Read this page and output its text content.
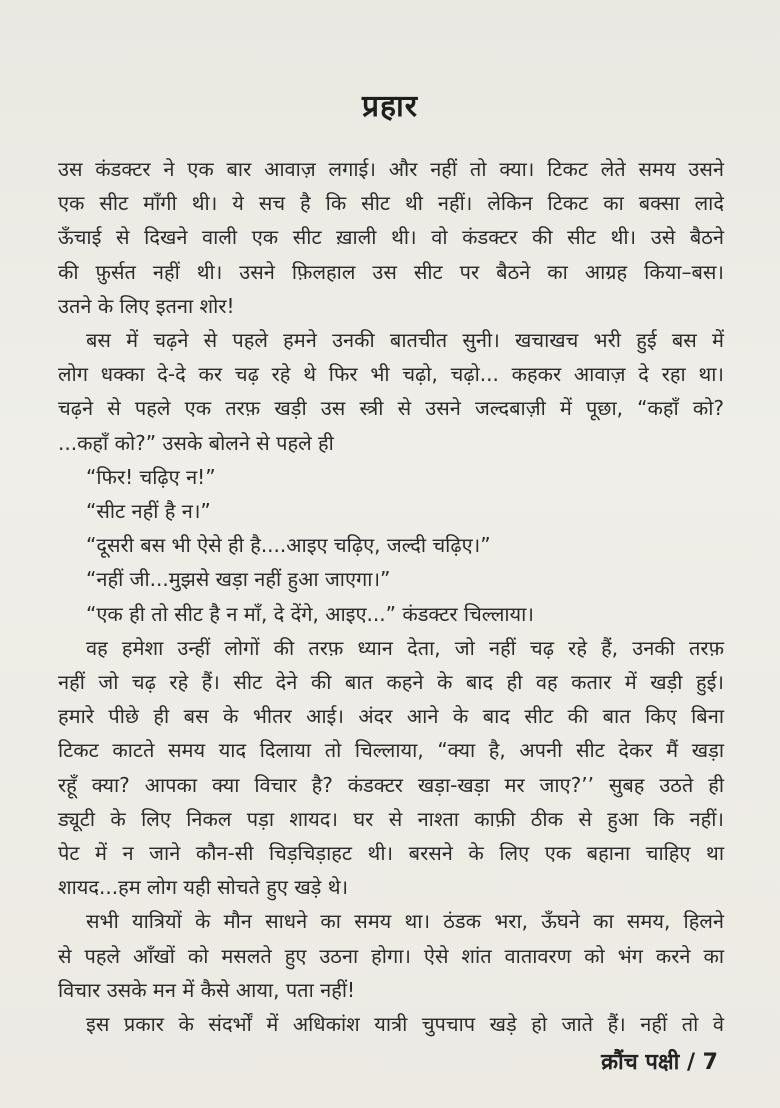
प्रहार

उस कंडक्टर ने एक बार आवाज़ लगाई। और नहीं तो क्या। टिकट लेते समय उसने

एक सीट माँगी थी। ये सच है कि सीट थी नहीं। लेकिन टिकट का बक्सा लादे

ऊँचाई से दिखने वाली एक सीट ख़ाली थी। वो कंडक्टर की सीट थी। उसे बैठने

की फ़ुर्सत नहीं थी। उसने फ़िलहाल उस सीट पर बैठने का आग्रह किया–बस।

उतने के लिए इतना शोर!

बस में चढ़ने से पहले हमने उनकी बातचीत सुनी। खचाखच भरी हुई बस में

लोग धक्का दे-दे कर चढ़ रहे थे फिर भी चढ़ो, चढ़ो... कहकर आवाज़ दे रहा था।

चढ़ने से पहले एक तरफ़ खड़ी उस स्त्री से उसने जल्दबाज़ी में पूछा, “कहाँ को?

...कहाँ को?” उसके बोलने से पहले ही

“फिर! चढ़िए न!”

“सीट नहीं है न।”

“दूसरी बस भी ऐसे ही है....आइए चढ़िए, जल्दी चढ़िए।”

“नहीं जी...मुझसे खड़ा नहीं हुआ जाएगा।”

“एक ही तो सीट है न माँ, दे देंगे, आइए...” कंडक्टर चिल्लाया।

वह हमेशा उन्हीं लोगों की तरफ़ ध्यान देता, जो नहीं चढ़ रहे हैं, उनकी तरफ़

नहीं जो चढ़ रहे हैं। सीट देने की बात कहने के बाद ही वह कतार में खड़ी हुई।

हमारे पीछे ही बस के भीतर आई। अंदर आने के बाद सीट की बात किए बिना

टिकट काटते समय याद दिलाया तो चिल्लाया, “क्या है, अपनी सीट देकर मैं खड़ा

रहूँ क्या? आपका क्या विचार है? कंडक्टर खड़ा-खड़ा मर जाए?’’ सुबह उठते ही

ड्यूटी के लिए निकल पड़ा शायद। घर से नाश्ता काफ़ी ठीक से हुआ कि नहीं।

पेट में न जाने कौन-सी चिड़चिड़ाहट थी। बरसने के लिए एक बहाना चाहिए था

शायद...हम लोग यही सोचते हुए खड़े थे।

सभी यात्रियों के मौन साधने का समय था। ठंडक भरा, ऊँघने का समय, हिलने

से पहले आँखों को मसलते हुए उठना होगा। ऐसे शांत वातावरण को भंग करने का

विचार उसके मन में कैसे आया, पता नहीं!

इस प्रकार के संदर्भों में अधिकांश यात्री चुपचाप खड़े हो जाते हैं। नहीं तो वे

क्रौंच पक्षी / 7
